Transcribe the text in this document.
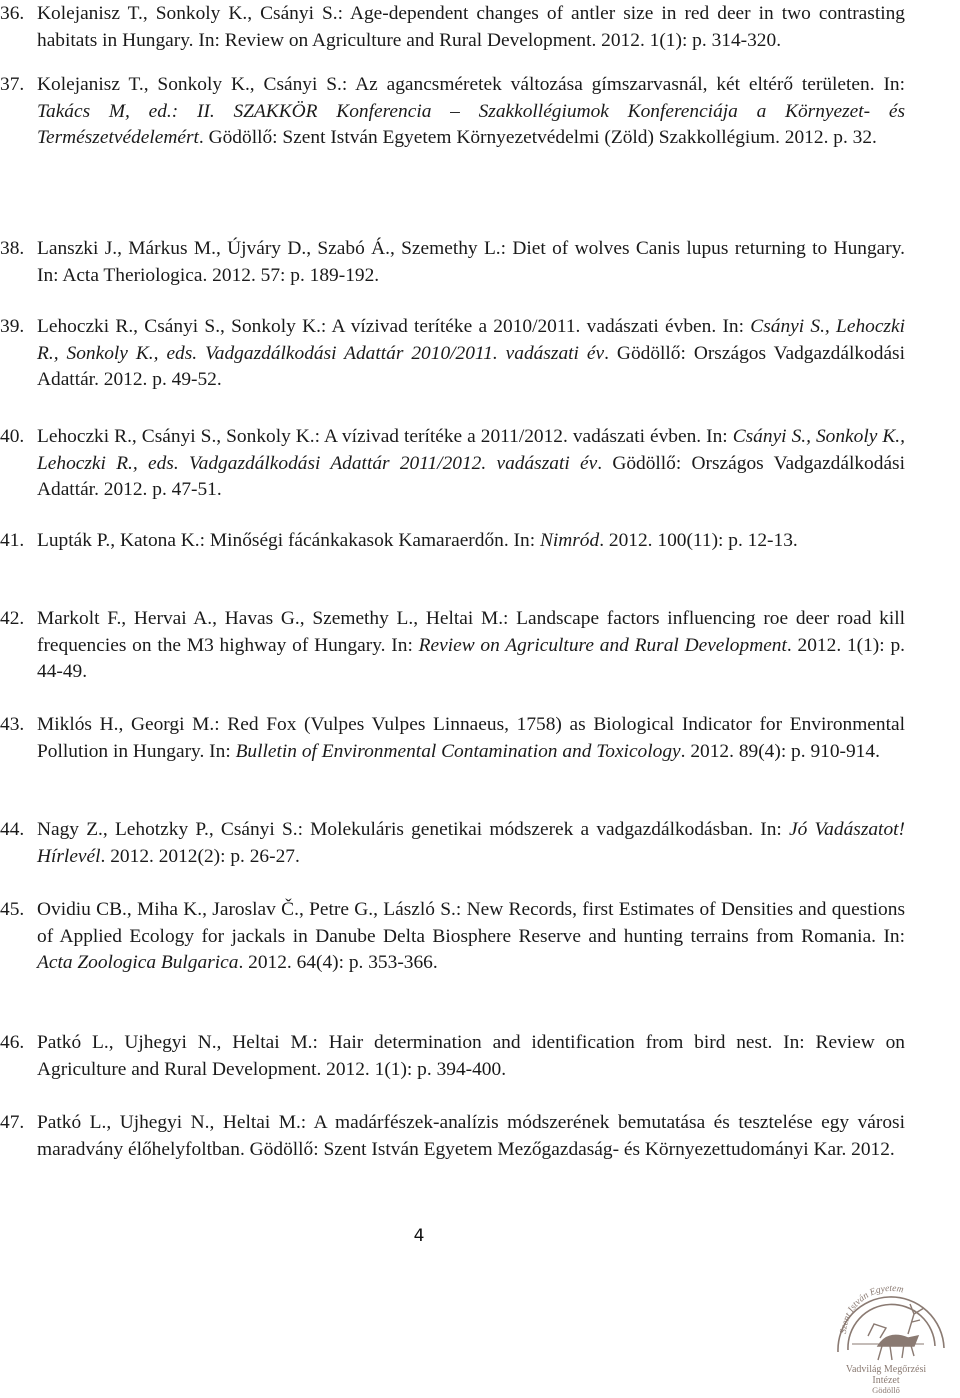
36. Kolejanisz T., Sonkoly K., Csányi S.: Age-dependent changes of antler size in red deer in two contrasting habitats in Hungary. In: Review on Agriculture and Rural Development. 2012. 1(1): p. 314-320.
37. Kolejanisz T., Sonkoly K., Csányi S.: Az agancsméretek változása gímszarvasnál, két eltérő területen. In: Takács M, ed.: II. SZAKKÖR Konferencia – Szakkollégiumok Konferenciája a Környezet- és Természetvédelemért. Gödöllő: Szent István Egyetem Környezetvédelmi (Zöld) Szakkollégium. 2012. p. 32.
38. Lanszki J., Márkus M., Újváry D., Szabó Á., Szemethy L.: Diet of wolves Canis lupus returning to Hungary. In: Acta Theriologica. 2012. 57: p. 189-192.
39. Lehoczki R., Csányi S., Sonkoly K.: A vízivad terítéke a 2010/2011. vadászati évben. In: Csányi S., Lehoczki R., Sonkoly K., eds. Vadgazdálkodási Adattár 2010/2011. vadászati év. Gödöllő: Országos Vadgazdálkodási Adattár. 2012. p. 49-52.
40. Lehoczki R., Csányi S., Sonkoly K.: A vízivad terítéke a 2011/2012. vadászati évben. In: Csányi S., Sonkoly K., Lehoczki R., eds. Vadgazdálkodási Adattár 2011/2012. vadászati év. Gödöllő: Országos Vadgazdálkodási Adattár. 2012. p. 47-51.
41. Lupták P., Katona K.: Minőségi fácánkakasok Kamaraerdőn. In: Nimród. 2012. 100(11): p. 12-13.
42. Markolt F., Hervai A., Havas G., Szemethy L., Heltai M.: Landscape factors influencing roe deer road kill frequencies on the M3 highway of Hungary. In: Review on Agriculture and Rural Development. 2012. 1(1): p. 44-49.
43. Miklós H., Georgi M.: Red Fox (Vulpes Vulpes Linnaeus, 1758) as Biological Indicator for Environmental Pollution in Hungary. In: Bulletin of Environmental Contamination and Toxicology. 2012. 89(4): p. 910-914.
44. Nagy Z., Lehotzky P., Csányi S.: Molekuláris genetikai módszerek a vadgazdálkodásban. In: Jó Vadászatot! Hírlevél. 2012. 2012(2): p. 26-27.
45. Ovidiu CB., Miha K., Jaroslav Č., Petre G., László S.: New Records, first Estimates of Densities and questions of Applied Ecology for jackals in Danube Delta Biosphere Reserve and hunting terrains from Romania. In: Acta Zoologica Bulgarica. 2012. 64(4): p. 353-366.
46. Patkó L., Ujhegyi N., Heltai M.: Hair determination and identification from bird nest. In: Review on Agriculture and Rural Development. 2012. 1(1): p. 394-400.
47. Patkó L., Ujhegyi N., Heltai M.: A madárfészek-analízis módszerének bemutatása és tesztelése egy városi maradvány élőhelyfoltban. Gödöllő: Szent István Egyetem Mezőgazdaság- és Környezettudományi Kar. 2012.
4
Szent István Egyetem
Vadvilág Megőrzési
Intézet
Gödöllő
